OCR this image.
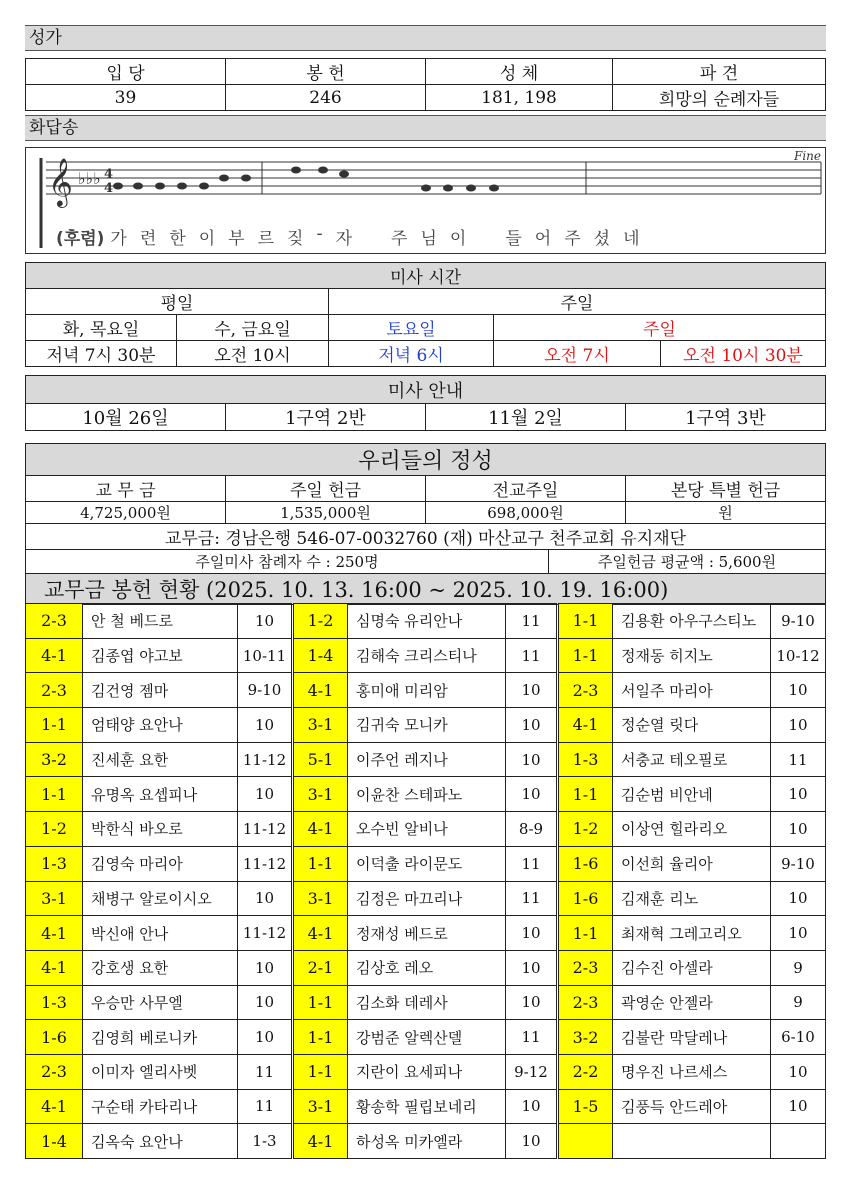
성가
입 당	봉 헌	성 체	파 견
39	246	181, 198	희망의 순례자들
화답송
𝄞 ♭♭♭ 4
4
Fine
(후렴) 가 련 한 이 부 르 짖 - 자 주 님 이 들 어 주 셨 네
미사 시간				
평일		주일		
화, 목요일	수, 금요일	토요일	주일	
저녁 7시 30분	오전 10시	저녁 6시	오전 7시	오전 10시 30분
미사 안내
10월 26일	1구역 2반	11월 2일	1구역 3반
우리들의 정성				
교 무 금	주일 헌금	전교주일		본당 특별 헌금
4,725,000원	1,535,000원	698,000원		원
교무금: 경남은행 546-07-0032760 (재) 마산교구 천주교회 유지재단				
주일미사 참례자 수 : 250명			주일헌금 평균액 : 5,600원	
교무금 봉헌 현황 (2025. 10. 13. 16:00 ~ 2025. 10. 19. 16:00)				
2-3	안 철 베드로	10	1-2	심명숙 유리안나	11	1-1	김용환 아우구스티노	9-10
4-1	김종엽 야고보	10-11	1-4	김해숙 크리스티나	11	1-1	정재동 히지노	10-12
2-3	김건영 젬마	9-10	4-1	홍미애 미리암	10	2-3	서일주 마리아	10
1-1	엄태양 요안나	10	3-1	김귀숙 모니카	10	4-1	정순열 릿다	10
3-2	진세훈 요한	11-12	5-1	이주언 레지나	10	1-3	서충교 테오필로	11
1-1	유명옥 요셉피나	10	3-1	이윤찬 스테파노	10	1-1	김순범 비안네	10
1-2	박한식 바오로	11-12	4-1	오수빈 알비나	8-9	1-2	이상연 힐라리오	10
1-3	김영숙 마리아	11-12	1-1	이덕출 라이문도	11	1-6	이선희 율리아	9-10
3-1	채병구 알로이시오	10	3-1	김정은 마끄리나	11	1-6	김재훈 리노	10
4-1	박신애 안나	11-12	4-1	정재성 베드로	10	1-1	최재혁 그레고리오	10
4-1	강호생 요한	10	2-1	김상호 레오	10	2-3	김수진 아셀라	9
1-3	우승만 사무엘	10	1-1	김소화 데레사	10	2-3	곽영순 안젤라	9
1-6	김영희 베로니카	10	1-1	강범준 알렉산델	11	3-2	김불란 막달레나	6-10
2-3	이미자 엘리사벳	11	1-1	지란이 요세피나	9-12	2-2	명우진 나르세스	10
4-1	구순태 카타리나	11	3-1	황송학 필립보네리	10	1-5	김풍득 안드레아	10
1-4	김옥숙 요안나	1-3	4-1	하성옥 미카엘라	10			
